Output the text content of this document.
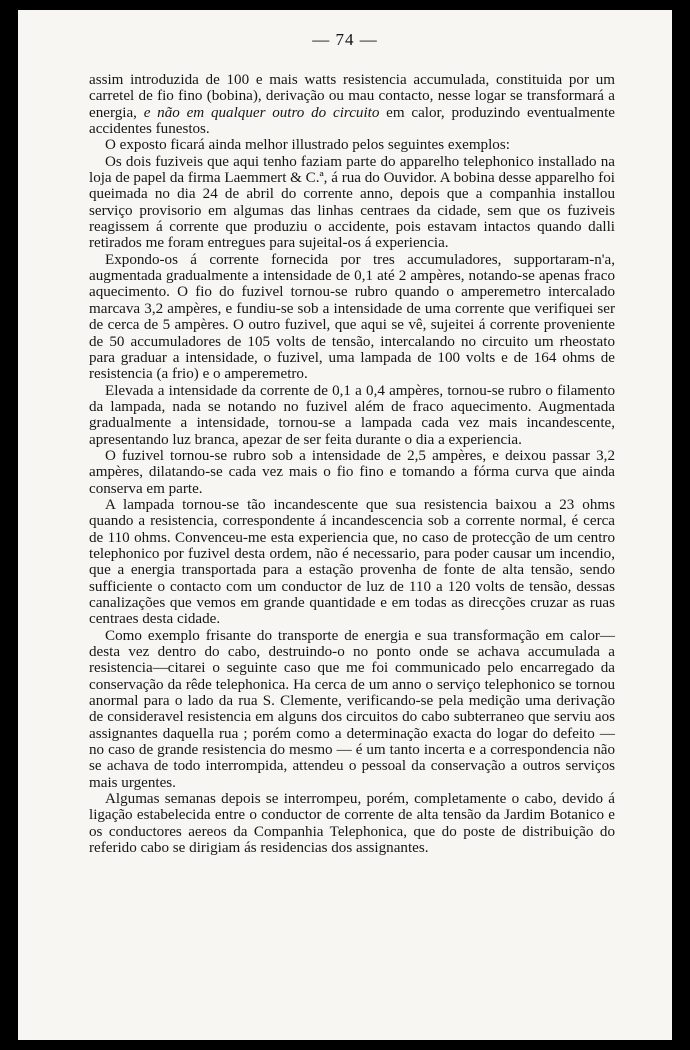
— 74 —

assim introduzida de 100 e mais watts resistencia accumulada, constituida por um carretel de fio fino (bobina), derivação ou mau contacto, nesse logar se transformará a energia, e não em qualquer outro do circuito em calor, produzindo eventualmente accidentes funestos.

O exposto ficará ainda melhor illustrado pelos seguintes exemplos:

Os dois fuziveis que aqui tenho faziam parte do apparelho telephonico installado na loja de papel da firma Laemmert & C.ª, á rua do Ouvidor. A bobina desse apparelho foi queimada no dia 24 de abril do corrente anno, depois que a companhia installou serviço provisorio em algumas das linhas centraes da cidade, sem que os fuziveis reagissem á corrente que produziu o accidente, pois estavam intactos quando dalli retirados me foram entregues para sujeital-os á experiencia.

Expondo-os á corrente fornecida por tres accumuladores, supportaram-n'a, augmentada gradualmente a intensidade de 0,1 até 2 ampères, notando-se apenas fraco aquecimento. O fio do fuzivel tornou-se rubro quando o amperemetro intercalado marcava 3,2 ampères, e fundiu-se sob a intensidade de uma corrente que verifiquei ser de cerca de 5 ampères. O outro fuzivel, que aqui se vê, sujeitei á corrente proveniente de 50 accumuladores de 105 volts de tensão, intercalando no circuito um rheostato para graduar a intensidade, o fuzivel, uma lampada de 100 volts e de 164 ohms de resistencia (a frio) e o amperemetro.

Elevada a intensidade da corrente de 0,1 a 0,4 ampères, tornou-se rubro o filamento da lampada, nada se notando no fuzivel além de fraco aquecimento. Augmentada gradualmente a intensidade, tornou-se a lampada cada vez mais incandescente, apresentando luz branca, apezar de ser feita durante o dia a experiencia.

O fuzivel tornou-se rubro sob a intensidade de 2,5 ampères, e deixou passar 3,2 ampères, dilatando-se cada vez mais o fio fino e tomando a fórma curva que ainda conserva em parte.

A lampada tornou-se tão incandescente que sua resistencia baixou a 23 ohms quando a resistencia, correspondente á incandescencia sob a corrente normal, é cerca de 110 ohms. Convenceu-me esta experiencia que, no caso de protecção de um centro telephonico por fuzivel desta ordem, não é necessario, para poder causar um incendio, que a energia transportada para a estação provenha de fonte de alta tensão, sendo sufficiente o contacto com um conductor de luz de 110 a 120 volts de tensão, dessas canalizações que vemos em grande quantidade e em todas as direcções cruzar as ruas centraes desta cidade.

Como exemplo frisante do transporte de energia e sua transformação em calor—desta vez dentro do cabo, destruindo-o no ponto onde se achava accumulada a resistencia—citarei o seguinte caso que me foi communicado pelo encarregado da conservação da rêde telephonica. Ha cerca de um anno o serviço telephonico se tornou anormal para o lado da rua S. Clemente, verificando-se pela medição uma derivação de consideravel resistencia em alguns dos circuitos do cabo subterraneo que serviu aos assignantes daquella rua ; porém como a determinação exacta do logar do defeito — no caso de grande resistencia do mesmo — é um tanto incerta e a correspondencia não se achava de todo interrompida, attendeu o pessoal da conservação a outros serviços mais urgentes.

Algumas semanas depois se interrompeu, porém, completamente o cabo, devido á ligação estabelecida entre o conductor de corrente de alta tensão da Jardim Botanico e os conductores aereos da Companhia Telephonica, que do poste de distribuição do referido cabo se dirigiam ás residencias dos assignantes.
